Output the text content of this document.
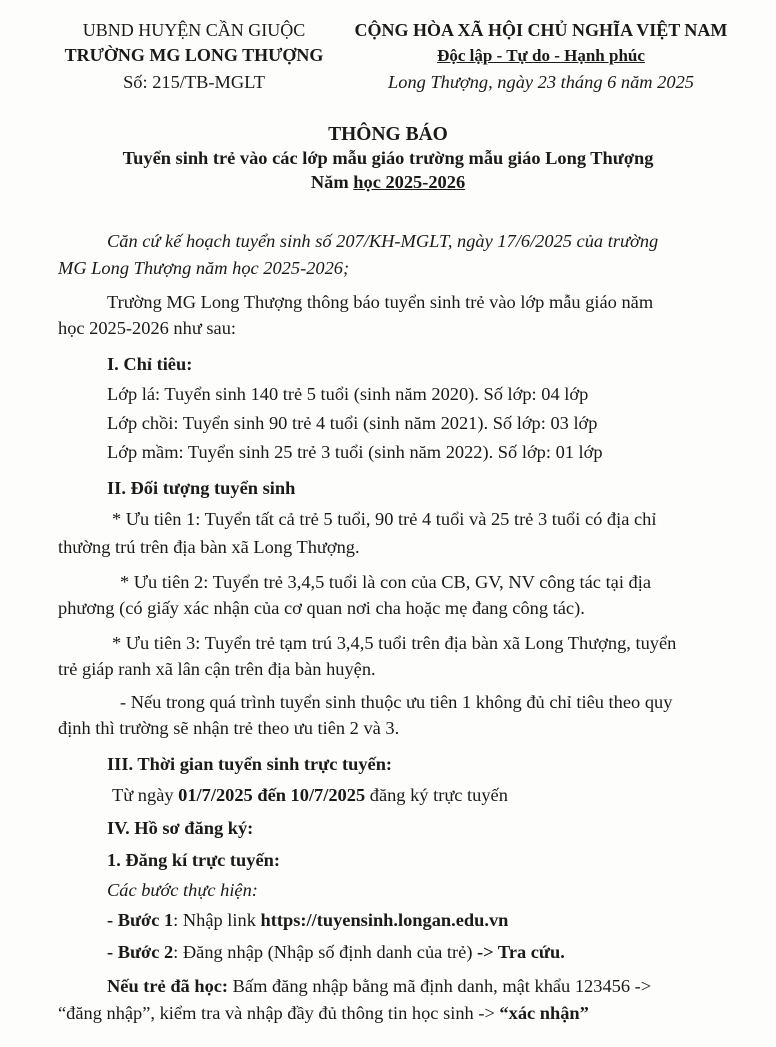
UBND HUYỆN CẦN GIUỘC
TRƯỜNG MG LONG THƯỢNG
Số: 215/TB-MGLT
CỘNG HÒA XÃ HỘI CHỦ NGHĨA VIỆT NAM
Độc lập - Tự do - Hạnh phúc
Long Thượng, ngày 23 tháng 6 năm 2025
THÔNG BÁO
Tuyển sinh trẻ vào các lớp mẫu giáo trường mẫu giáo Long Thượng
Năm học 2025-2026
Căn cứ kế hoạch tuyển sinh số 207/KH-MGLT, ngày 17/6/2025 của trường
MG Long Thượng năm học 2025-2026;
Trường MG Long Thượng thông báo tuyển sinh trẻ vào lớp mẫu giáo năm
học 2025-2026 như sau:
I. Chỉ tiêu:
Lớp lá: Tuyển sinh 140 trẻ 5 tuổi (sinh năm 2020). Số lớp: 04 lớp
Lớp chồi: Tuyển sinh 90 trẻ 4 tuổi (sinh năm 2021). Số lớp: 03 lớp
Lớp mầm: Tuyển sinh 25 trẻ 3 tuổi (sinh năm 2022). Số lớp: 01 lớp
II. Đối tượng tuyển sinh
* Ưu tiên 1: Tuyển tất cả trẻ 5 tuổi, 90 trẻ 4 tuổi và 25 trẻ 3 tuổi có địa chỉ
thường trú trên địa bàn xã Long Thượng.
* Ưu tiên 2: Tuyển trẻ 3,4,5 tuổi là con của CB, GV, NV công tác tại địa
phương (có giấy xác nhận của cơ quan nơi cha hoặc mẹ đang công tác).
* Ưu tiên 3: Tuyển trẻ tạm trú 3,4,5 tuổi trên địa bàn xã Long Thượng, tuyển
trẻ giáp ranh xã lân cận trên địa bàn huyện.
- Nếu trong quá trình tuyển sinh thuộc ưu tiên 1 không đủ chỉ tiêu theo quy
định thì trường sẽ nhận trẻ theo ưu tiên 2 và 3.
III. Thời gian tuyển sinh trực tuyến:
Từ ngày 01/7/2025 đến 10/7/2025 đăng ký trực tuyến
IV. Hồ sơ đăng ký:
1. Đăng kí trực tuyến:
Các bước thực hiện:
- Bước 1: Nhập link https://tuyensinh.longan.edu.vn
- Bước 2: Đăng nhập (Nhập số định danh của trẻ) -> Tra cứu.
Nếu trẻ đã học: Bấm đăng nhập bằng mã định danh, mật khẩu 123456 ->
“đăng nhập”, kiểm tra và nhập đầy đủ thông tin học sinh -> “xác nhận”
